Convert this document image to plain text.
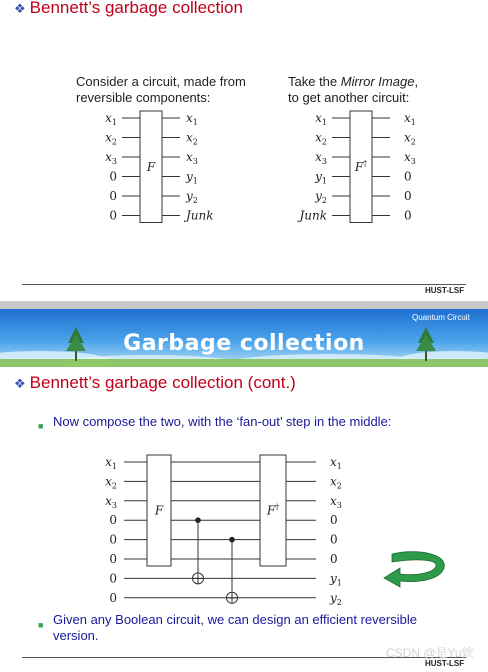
❖ Bennett’s garbage collection
Consider a circuit, made from
reversible components:
Take the Mirror Image,
to get another circuit:
$x_1$	$x_1$
$x_2$	$x_2$
$x_3$	$x_3$
0	$y_1$
0	$y_2$
0	Junk
F
$x_1$	$x_1$
$x_2$	$x_2$
$x_3$	$x_3$
$y_1$	0
$y_2$	0
Junk	0
F†
HUST-LSF
Quantum Circuit
Garbage collection
❖ Bennett’s garbage collection (cont.)
■ Now compose the two, with the ‘fan-out’ step in the middle:
$x_1$	$x_1$
$x_2$	$x_2$
$x_3$	$x_3$
0	0
0	0
0	0
0	$y_1$
0	$y_2$
F	F†
■ Given any Boolean circuit, we can design an efficient reversible
version.
CSDN @是Yu欸
HUST-LSF
